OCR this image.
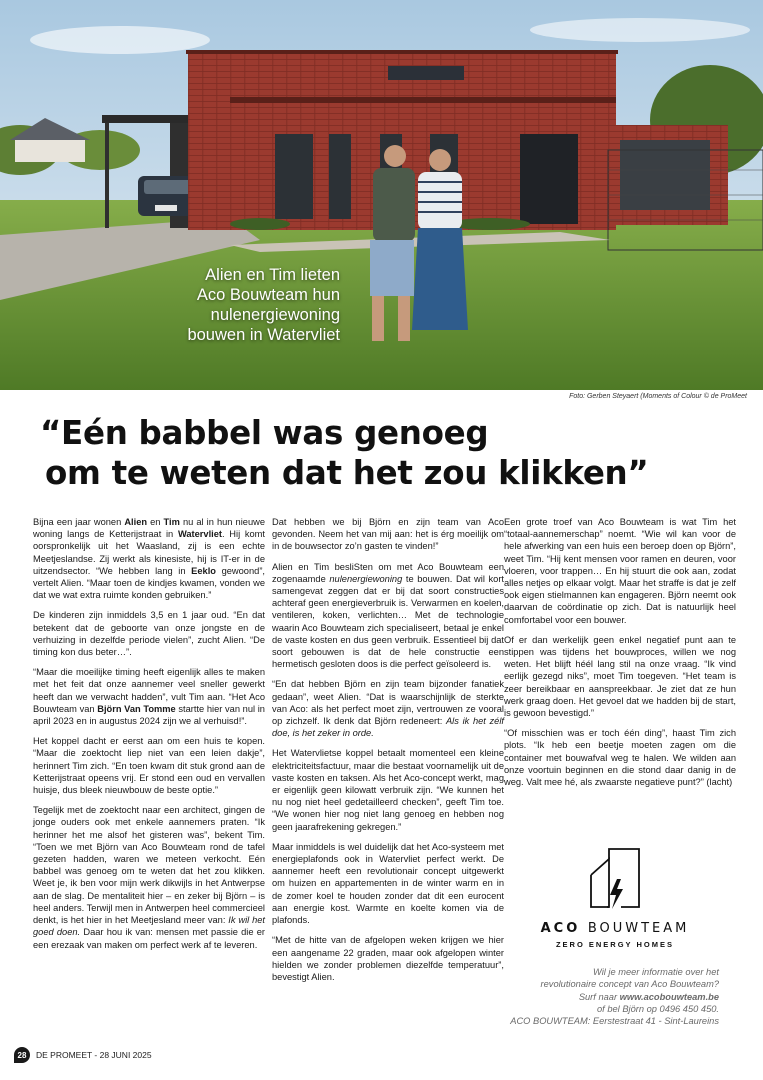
Alien en Tim lieten
Aco Bouwteam hun
nulenergiewoning
bouwen in Watervliet
Foto: Gerben Steyaert (Moments of Colour © de ProMeet
“Eén babbel was genoeg
om te weten dat het zou klikken”

Bijna een jaar wonen Alien en Tim nu al in hun nieuwe woning langs de Ketterijstraat in Watervliet. Hij komt oorspronkelijk uit het Waasland, zij is een echte Meetjeslandse. Zij werkt als kinesiste, hij is IT-er in de uitzendsector. “We hebben lang in Eeklo gewoond”, vertelt Alien. “Maar toen de kindjes kwamen, vonden we dat we wat extra ruimte konden gebruiken.”

De kinderen zijn inmiddels 3,5 en 1 jaar oud. “En dat betekent dat de geboorte van onze jongste en de verhuizing in dezelfde periode vielen”, zucht Alien. “De timing kon dus beter…”.

“Maar die moeilijke timing heeft eigenlijk alles te maken met het feit dat onze aannemer veel sneller gewerkt heeft dan we verwacht hadden”, vult Tim aan. “Het Aco Bouwteam van Björn Van Tomme startte hier van nul in april 2023 en in augustus 2024 zijn we al verhuisd!”.

Het koppel dacht er eerst aan om een huis te kopen. “Maar die zoektocht liep niet van een leien dakje”, herinnert Tim zich. “En toen kwam dit stuk grond aan de Ketterijstraat opeens vrij. Er stond een oud en vervallen huisje, dus bleek nieuwbouw de beste optie.”

Tegelijk met de zoektocht naar een architect, gingen de jonge ouders ook met enkele aannemers praten. “Ik herinner het me alsof het gisteren was”, bekent Tim. “Toen we met Björn van Aco Bouwteam rond de tafel gezeten hadden, waren we meteen verkocht. Eén babbel was genoeg om te weten dat het zou klikken. Weet je, ik ben voor mijn werk dikwijls in het Antwerpse aan de slag. De mentaliteit hier – en zeker bij Björn – is heel anders. Terwijl men in Antwerpen heel commercieel denkt, is het hier in het Meetjesland meer van: Ik wil het goed doen. Daar hou ik van: mensen met passie die er een erezaak van maken om perfect werk af te leveren.

Dat hebben we bij Björn en zijn team van Aco gevonden. Neem het van mij aan: het is érg moeilijk om in de bouwsector zo’n gasten te vinden!”

Alien en Tim besliSten om met Aco Bouwteam een zogenaamde nulenergiewoning te bouwen. Dat wil kort samengevat zeggen dat er bij dat soort constructies achteraf geen energieverbruik is. Verwarmen en koelen, ventileren, koken, verlichten… Met de technologie waarin Aco Bouwteam zich specialiseert, betaal je enkel de vaste kosten en dus geen verbruik. Essentieel bij dat soort gebouwen is dat de hele constructie een hermetisch gesloten doos is die perfect geïsoleerd is.

“En dat hebben Björn en zijn team bijzonder fanatiek gedaan”, weet Alien. “Dat is waarschijnlijk de sterkte van Aco: als het perfect moet zijn, vertrouwen ze vooral op zichzelf. Ik denk dat Björn redeneert: Als ik het zélf doe, is het zeker in orde.

Het Watervlietse koppel betaalt momenteel een kleine elektriciteitsfactuur, maar die bestaat voornamelijk uit de vaste kosten en taksen. Als het Aco-concept werkt, mag er eigenlijk geen kilowatt verbruik zijn. “We kunnen het nu nog niet heel gedetailleerd checken”, geeft Tim toe. “We wonen hier nog niet lang genoeg en hebben nog geen jaarafrekening gekregen.”

Maar inmiddels is wel duidelijk dat het Aco-systeem met energieplafonds ook in Watervliet perfect werkt. De aannemer heeft een revolutionair concept uitgewerkt om huizen en appartementen in de winter warm en in de zomer koel te houden zonder dat dit een eurocent aan energie kost. Warmte en koelte komen via de plafonds.

“Met de hitte van de afgelopen weken krijgen we hier een aangename 22 graden, maar ook afgelopen winter hielden we zonder problemen diezelfde temperatuur”, bevestigt Alien.

Een grote troef van Aco Bouwteam is wat Tim het “totaal-aannemerschap” noemt. “Wie wil kan voor de hele afwerking van een huis een beroep doen op Björn”, weet Tim. “Hij kent mensen voor ramen en deuren, voor vloeren, voor trappen… En hij stuurt die ook aan, zodat alles netjes op elkaar volgt. Maar het straffe is dat je zelf ook eigen stielmannen kan engageren. Björn neemt ook daarvan de coördinatie op zich. Dat is natuurlijk heel comfortabel voor een bouwer.

Of er dan werkelijk geen enkel negatief punt aan te stippen was tijdens het bouwproces, willen we nog weten. Het blijft héél lang stil na onze vraag. “Ik vind eerlijk gezegd niks”, moet Tim toegeven. “Het team is zeer bereikbaar en aanspreekbaar. Je ziet dat ze hun werk graag doen. Het gevoel dat we hadden bij de start, is gewoon bevestigd.”

“Of misschien was er toch één ding”, haast Tim zich plots. “Ik heb een beetje moeten zagen om die container met bouwafval weg te halen. We wilden aan onze voortuin beginnen en die stond daar danig in de weg. Valt mee hé, als zwaarste negatieve punt?” (lacht)

ACO BOUWTEAM
ZERO ENERGY HOMES
Wil je meer informatie over het
revolutionaire concept van Aco Bouwteam?
Surf naar www.acobouwteam.be
of bel Björn op 0496 450 450.
ACO BOUWTEAM: Eerstestraat 41 - Sint-Laureins
28	DE PROMEET - 28 JUNI 2025
